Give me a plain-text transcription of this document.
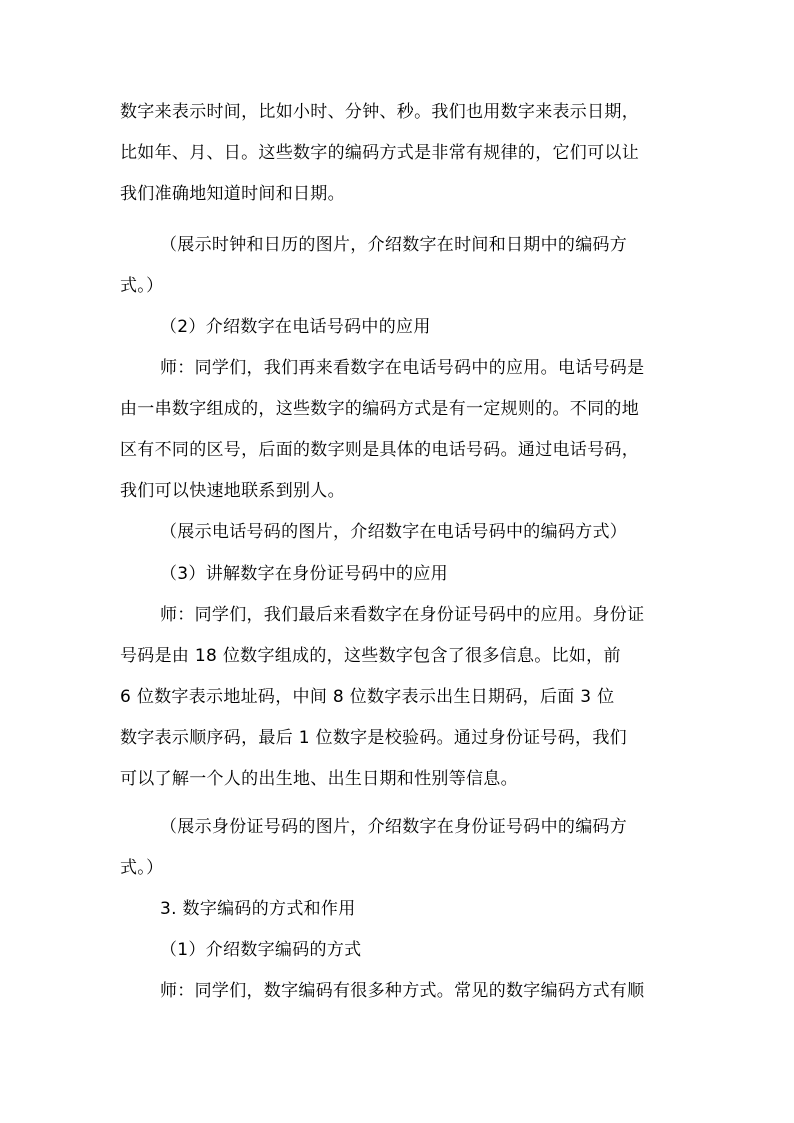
数字来表示时间，比如小时、分钟、秒。我们也用数字来表示日期，
比如年、月、日。这些数字的编码方式是非常有规律的，它们可以让
我们准确地知道时间和日期。
（展示时钟和日历的图片，介绍数字在时间和日期中的编码方
式。）
（2）介绍数字在电话号码中的应用
师：同学们，我们再来看数字在电话号码中的应用。电话号码是
由一串数字组成的，这些数字的编码方式是有一定规则的。不同的地
区有不同的区号，后面的数字则是具体的电话号码。通过电话号码，
我们可以快速地联系到别人。
（展示电话号码的图片，介绍数字在电话号码中的编码方式）
（3）讲解数字在身份证号码中的应用
师：同学们，我们最后来看数字在身份证号码中的应用。身份证
号码是由 18 位数字组成的，这些数字包含了很多信息。比如，前
6 位数字表示地址码，中间 8 位数字表示出生日期码，后面 3 位
数字表示顺序码，最后 1 位数字是校验码。通过身份证号码，我们
可以了解一个人的出生地、出生日期和性别等信息。
（展示身份证号码的图片，介绍数字在身份证号码中的编码方
式。）
3. 数字编码的方式和作用
（1）介绍数字编码的方式
师：同学们，数字编码有很多种方式。常见的数字编码方式有顺
